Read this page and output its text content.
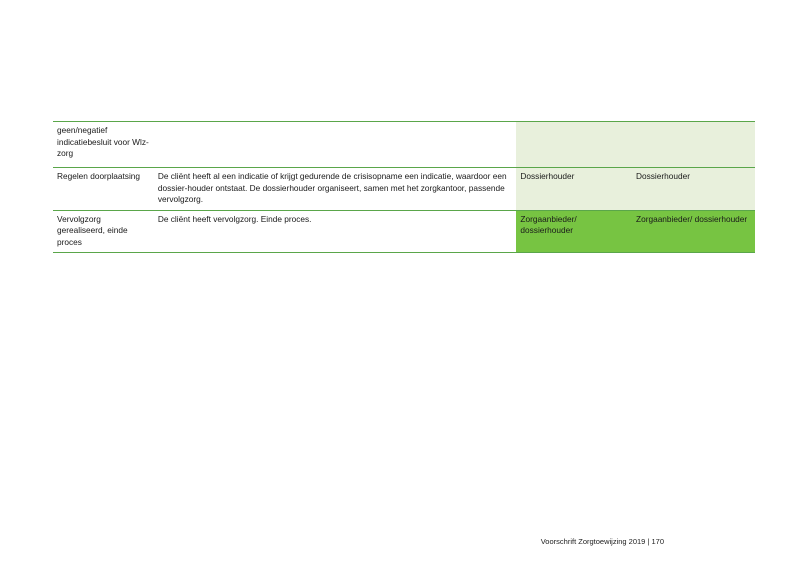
geen/negatief indicatiebesluit voor Wlz-zorg			
Regelen doorplaatsing	De cliënt heeft al een indicatie of krijgt gedurende de crisisopname een indicatie, waardoor een dossier-houder ontstaat. De dossierhouder organiseert, samen met het zorgkantoor, passende vervolgzorg.	Dossierhouder	Dossierhouder
Vervolgzorg gerealiseerd, einde proces	De cliënt heeft vervolgzorg. Einde proces.	Zorgaanbieder/ dossierhouder	Zorgaanbieder/ dossierhouder
Voorschrift Zorgtoewijzing 2019 | 170
